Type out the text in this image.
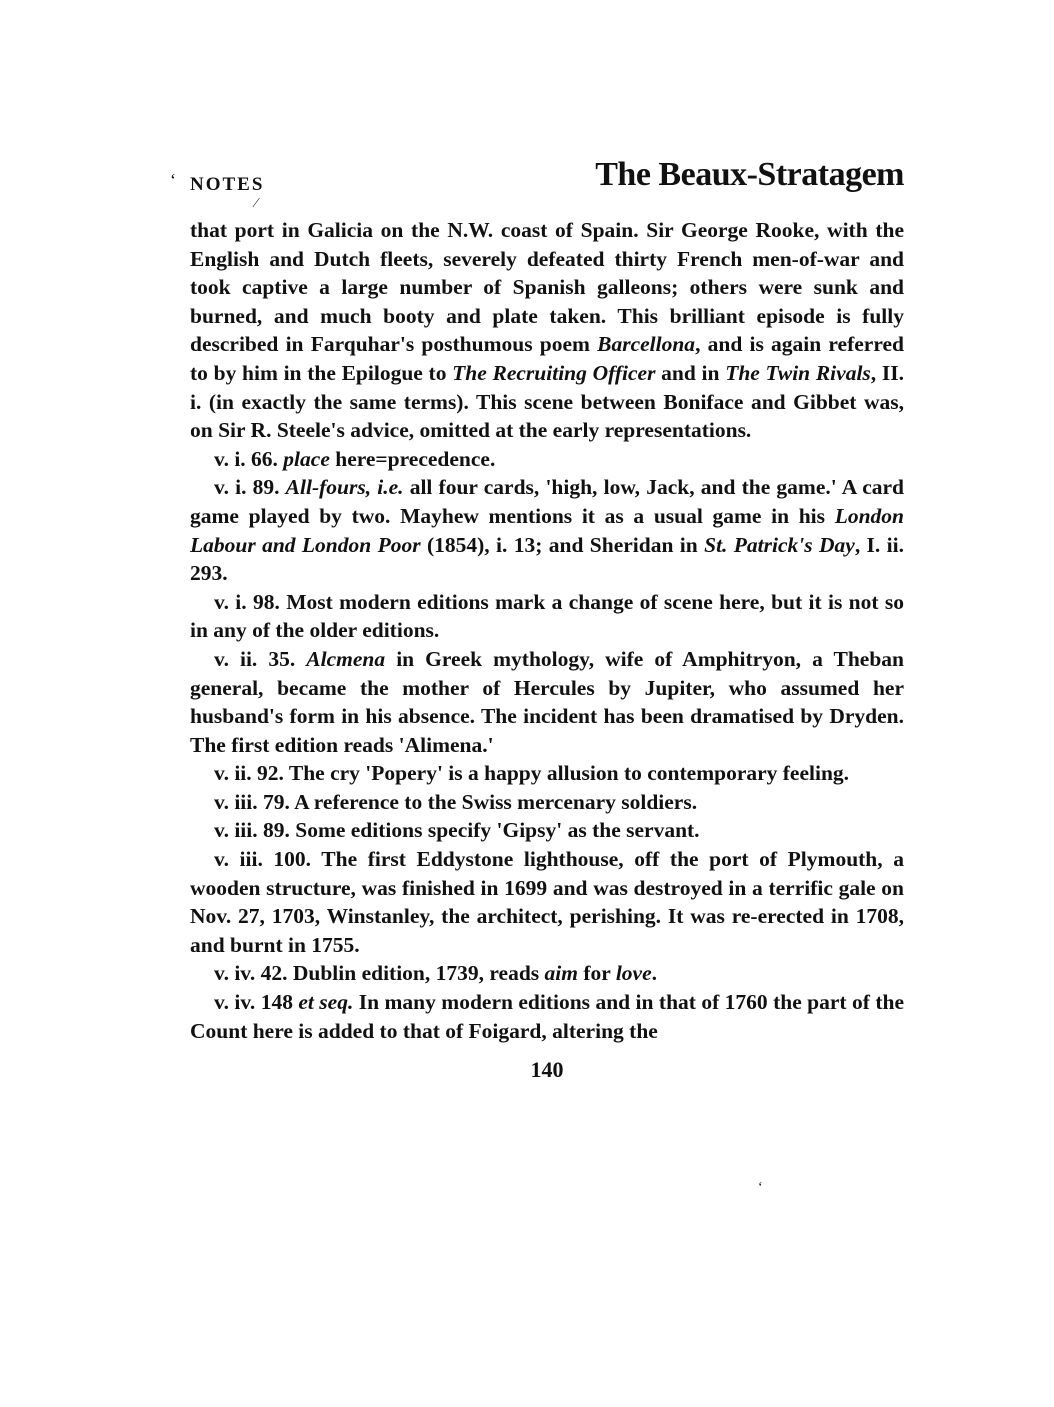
‘
⁄
‘
NOTES	The Beaux-Stratagem

that port in Galicia on the N.W. coast of Spain. Sir George Rooke, with the English and Dutch fleets, severely defeated thirty French men-of-war and took captive a large number of Spanish galleons; others were sunk and burned, and much booty and plate taken. This brilliant episode is fully described in Farquhar's posthumous poem Barcellona, and is again referred to by him in the Epilogue to The Recruiting Officer and in The Twin Rivals, II. i. (in exactly the same terms). This scene between Boniface and Gibbet was, on Sir R. Steele's advice, omitted at the early representations.

v. i. 66. place here=precedence.

v. i. 89. All-fours, i.e. all four cards, 'high, low, Jack, and the game.' A card game played by two. Mayhew mentions it as a usual game in his London Labour and London Poor (1854), i. 13; and Sheridan in St. Patrick's Day, I. ii. 293.

v. i. 98. Most modern editions mark a change of scene here, but it is not so in any of the older editions.

v. ii. 35. Alcmena in Greek mythology, wife of Amphitryon, a Theban general, became the mother of Hercules by Jupiter, who assumed her husband's form in his absence. The incident has been dramatised by Dryden. The first edition reads 'Alimena.'

v. ii. 92. The cry 'Popery' is a happy allusion to contemporary feeling.

v. iii. 79. A reference to the Swiss mercenary soldiers.

v. iii. 89. Some editions specify 'Gipsy' as the servant.

v. iii. 100. The first Eddystone lighthouse, off the port of Plymouth, a wooden structure, was finished in 1699 and was destroyed in a terrific gale on Nov. 27, 1703, Winstanley, the architect, perishing. It was re-erected in 1708, and burnt in 1755.

v. iv. 42. Dublin edition, 1739, reads aim for love.

v. iv. 148 et seq. In many modern editions and in that of 1760 the part of the Count here is added to that of Foigard, altering the

140
